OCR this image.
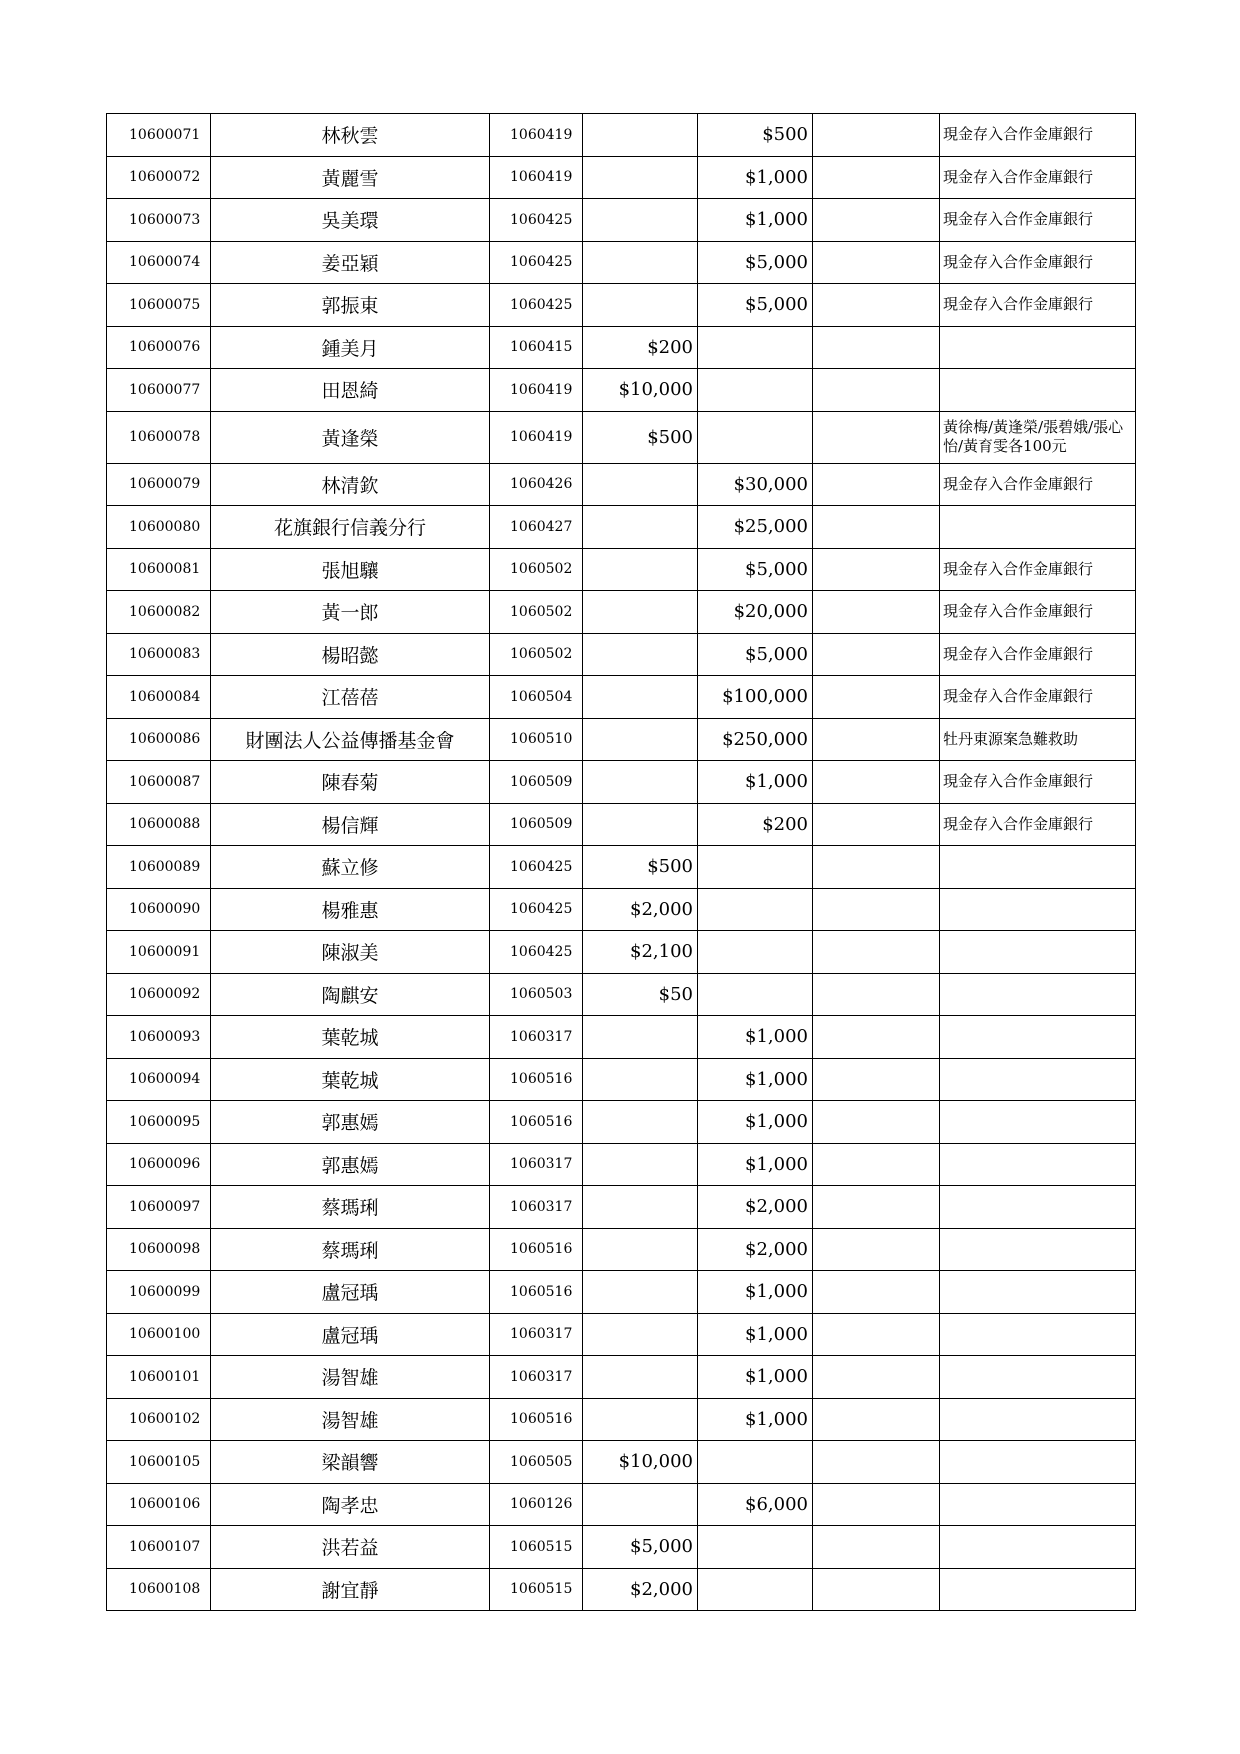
10600071	林秋雲	1060419		$500		現金存入合作金庫銀行
10600072	黃麗雪	1060419		$1,000		現金存入合作金庫銀行
10600073	吳美環	1060425		$1,000		現金存入合作金庫銀行
10600074	姜亞穎	1060425		$5,000		現金存入合作金庫銀行
10600075	郭振東	1060425		$5,000		現金存入合作金庫銀行
10600076	鍾美月	1060415	$200			
10600077	田恩綺	1060419	$10,000			
10600078	黃逢榮	1060419	$500			黃徐梅/黃逢榮/張碧娥/張心怡/黃育雯各100元
10600079	林清欽	1060426		$30,000		現金存入合作金庫銀行
10600080	花旗銀行信義分行	1060427		$25,000		
10600081	張旭驤	1060502		$5,000		現金存入合作金庫銀行
10600082	黃一郎	1060502		$20,000		現金存入合作金庫銀行
10600083	楊昭懿	1060502		$5,000		現金存入合作金庫銀行
10600084	江蓓蓓	1060504		$100,000		現金存入合作金庫銀行
10600086	財團法人公益傳播基金會	1060510		$250,000		牡丹東源案急難救助
10600087	陳春菊	1060509		$1,000		現金存入合作金庫銀行
10600088	楊信輝	1060509		$200		現金存入合作金庫銀行
10600089	蘇立修	1060425	$500			
10600090	楊雅惠	1060425	$2,000			
10600091	陳淑美	1060425	$2,100			
10600092	陶麒安	1060503	$50			
10600093	葉乾城	1060317		$1,000		
10600094	葉乾城	1060516		$1,000		
10600095	郭惠嫣	1060516		$1,000		
10600096	郭惠嫣	1060317		$1,000		
10600097	蔡瑪琍	1060317		$2,000		
10600098	蔡瑪琍	1060516		$2,000		
10600099	盧冠瑀	1060516		$1,000		
10600100	盧冠瑀	1060317		$1,000		
10600101	湯智雄	1060317		$1,000		
10600102	湯智雄	1060516		$1,000		
10600105	梁韻響	1060505	$10,000			
10600106	陶孝忠	1060126		$6,000		
10600107	洪若益	1060515	$5,000			
10600108	謝宜靜	1060515	$2,000			
